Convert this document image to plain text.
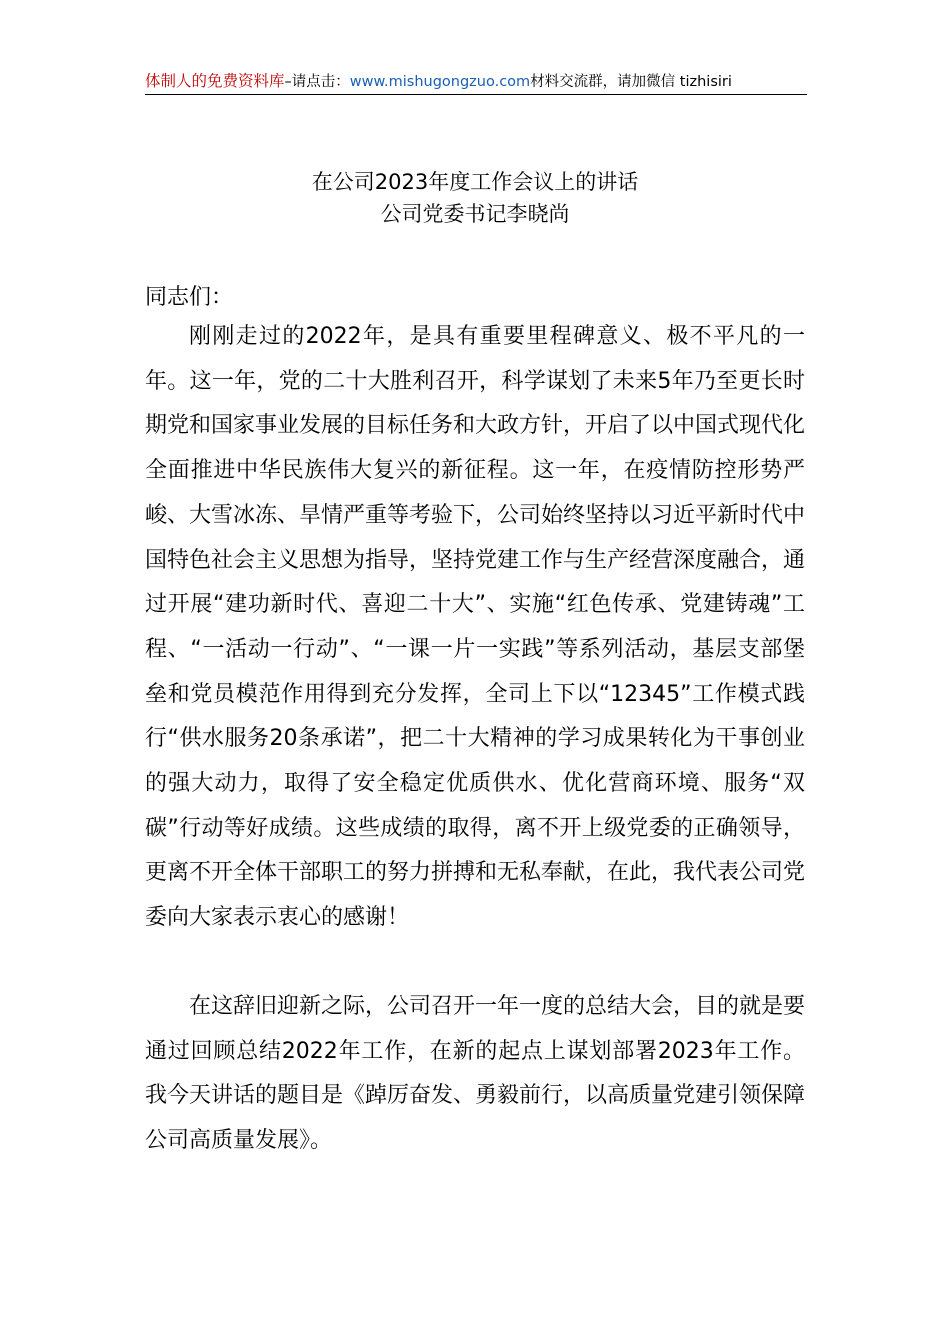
体制人的免费资料库–请点击：www.mishugongzuo.com材料交流群，请加微信 tizhisiri
在公司2023年度工作会议上的讲话
公司党委书记李晓尚
同志们：

刚刚走过的2022年，是具有重要里程碑意义、极不平凡的一年。这一年，党的二十大胜利召开，科学谋划了未来5年乃至更长时期党和国家事业发展的目标任务和大政方针，开启了以中国式现代化全面推进中华民族伟大复兴的新征程。这一年，在疫情防控形势严峻、大雪冰冻、旱情严重等考验下，公司始终坚持以习近平新时代中国特色社会主义思想为指导，坚持党建工作与生产经营深度融合，通过开展“建功新时代、喜迎二十大”、实施“红色传承、党建铸魂”工程、“一活动一行动”、“一课一片一实践”等系列活动，基层支部堡垒和党员模范作用得到充分发挥，全司上下以“12345”工作模式践行“供水服务20条承诺”，把二十大精神的学习成果转化为干事创业的强大动力，取得了安全稳定优质供水、优化营商环境、服务“双碳”行动等好成绩。这些成绩的取得，离不开上级党委的正确领导，更离不开全体干部职工的努力拼搏和无私奉献，在此，我代表公司党委向大家表示衷心的感谢！

在这辞旧迎新之际，公司召开一年一度的总结大会，目的就是要通过回顾总结2022年工作，在新的起点上谋划部署2023年工作。我今天讲话的题目是《踔厉奋发、勇毅前行，以高质量党建引领保障公司高质量发展》。
